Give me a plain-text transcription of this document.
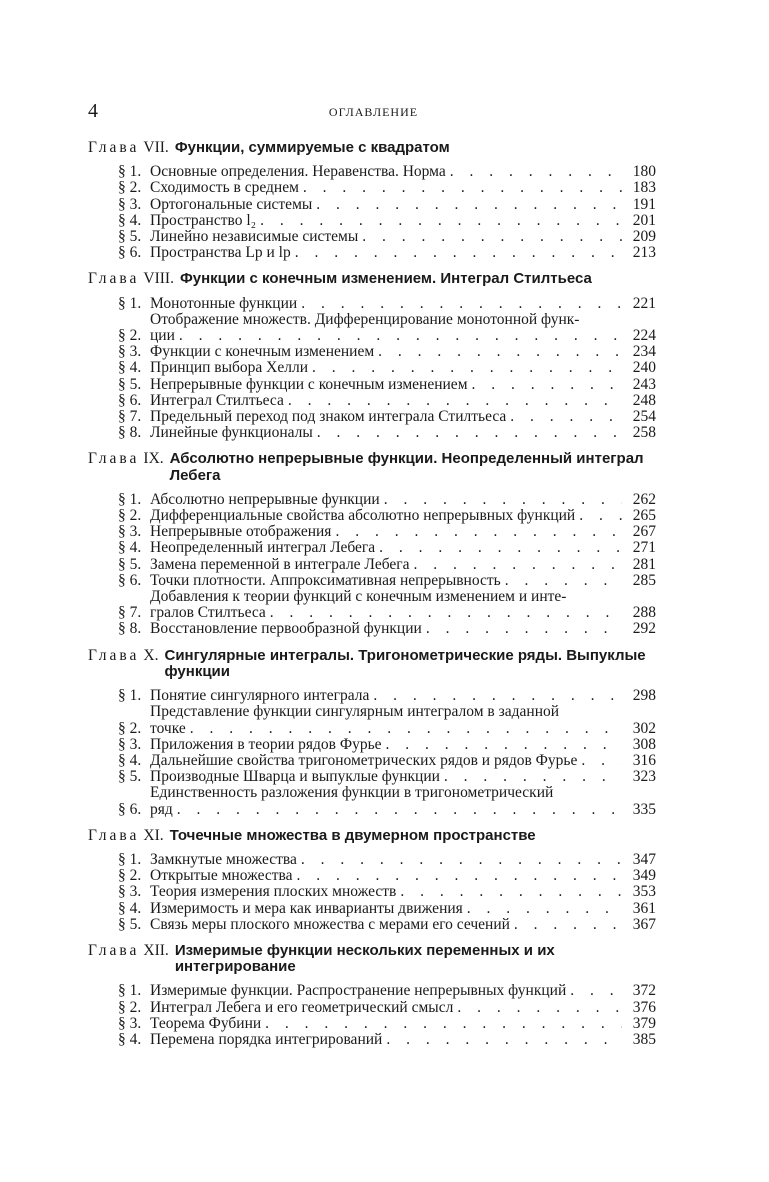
4	ОГЛАВЛЕНИЕ
Глава VII. Функции, суммируемые с квадратом
§ 1. Основные определения. Неравенства. Норма . . .	180
§ 2. Сходимость в среднем . . .	183
§ 3. Ортогональные системы . . .	191
§ 4. Пространство l₂ . . .	201
§ 5. Линейно независимые системы . . .	209
§ 6. Пространства Lp и lp . . .	213
Глава VIII. Функции с конечным изменением. Интеграл Стилтьеса
§ 1. Монотонные функции . . .	221
§ 2.
Отображение множеств. Дифференцирование монотонной функ-
ции . . .	224
§ 3. Функции с конечным изменением . . .	234
§ 4. Принцип выбора Хелли . . .	240
§ 5. Непрерывные функции с конечным изменением . . .	243
§ 6. Интеграл Стилтьеса . . .	248
§ 7. Предельный переход под знаком интеграла Стилтьеса . . .	254
§ 8. Линейные функционалы . . .	258
Глава IX. Абсолютно непрерывные функции. Неопределенный интеграл Лебега
§ 1. Абсолютно непрерывные функции . . .	262
§ 2. Дифференциальные свойства абсолютно непрерывных функций . . .	265
§ 3. Непрерывные отображения . . .	267
§ 4. Неопределенный интеграл Лебега . . .	271
§ 5. Замена переменной в интеграле Лебега . . .	281
§ 6. Точки плотности. Аппроксимативная непрерывность . . .	285
§ 7.
Добавления к теории функций с конечным изменением и инте-
гралов Стилтьеса . . .	288
§ 8. Восстановление первообразной функции . . .	292
Глава X. Сингулярные интегралы. Тригонометрические ряды. Выпуклые функции
§ 1. Понятие сингулярного интеграла . . .	298
§ 2.
Представление функции сингулярным интегралом в заданной
точке . . .	302
§ 3. Приложения в теории рядов Фурье . . .	308
§ 4. Дальнейшие свойства тригонометрических рядов и рядов Фурье . . .	316
§ 5. Производные Шварца и выпуклые функции . . .	323
§ 6.
Единственность разложения функции в тригонометрический
ряд . . .	335
Глава XI. Точечные множества в двумерном пространстве
§ 1. Замкнутые множества . . .	347
§ 2. Открытые множества . . .	349
§ 3. Теория измерения плоских множеств . . .	353
§ 4. Измеримость и мера как инварианты движения . . .	361
§ 5. Связь меры плоского множества с мерами его сечений . . .	367
Глава XII. Измеримые функции нескольких переменных и их интегрирование
§ 1. Измеримые функции. Распространение непрерывных функций . . .	372
§ 2. Интеграл Лебега и его геометрический смысл . . .	376
§ 3. Теорема Фубини . . .	379
§ 4. Перемена порядка интегрирований . . .	385
